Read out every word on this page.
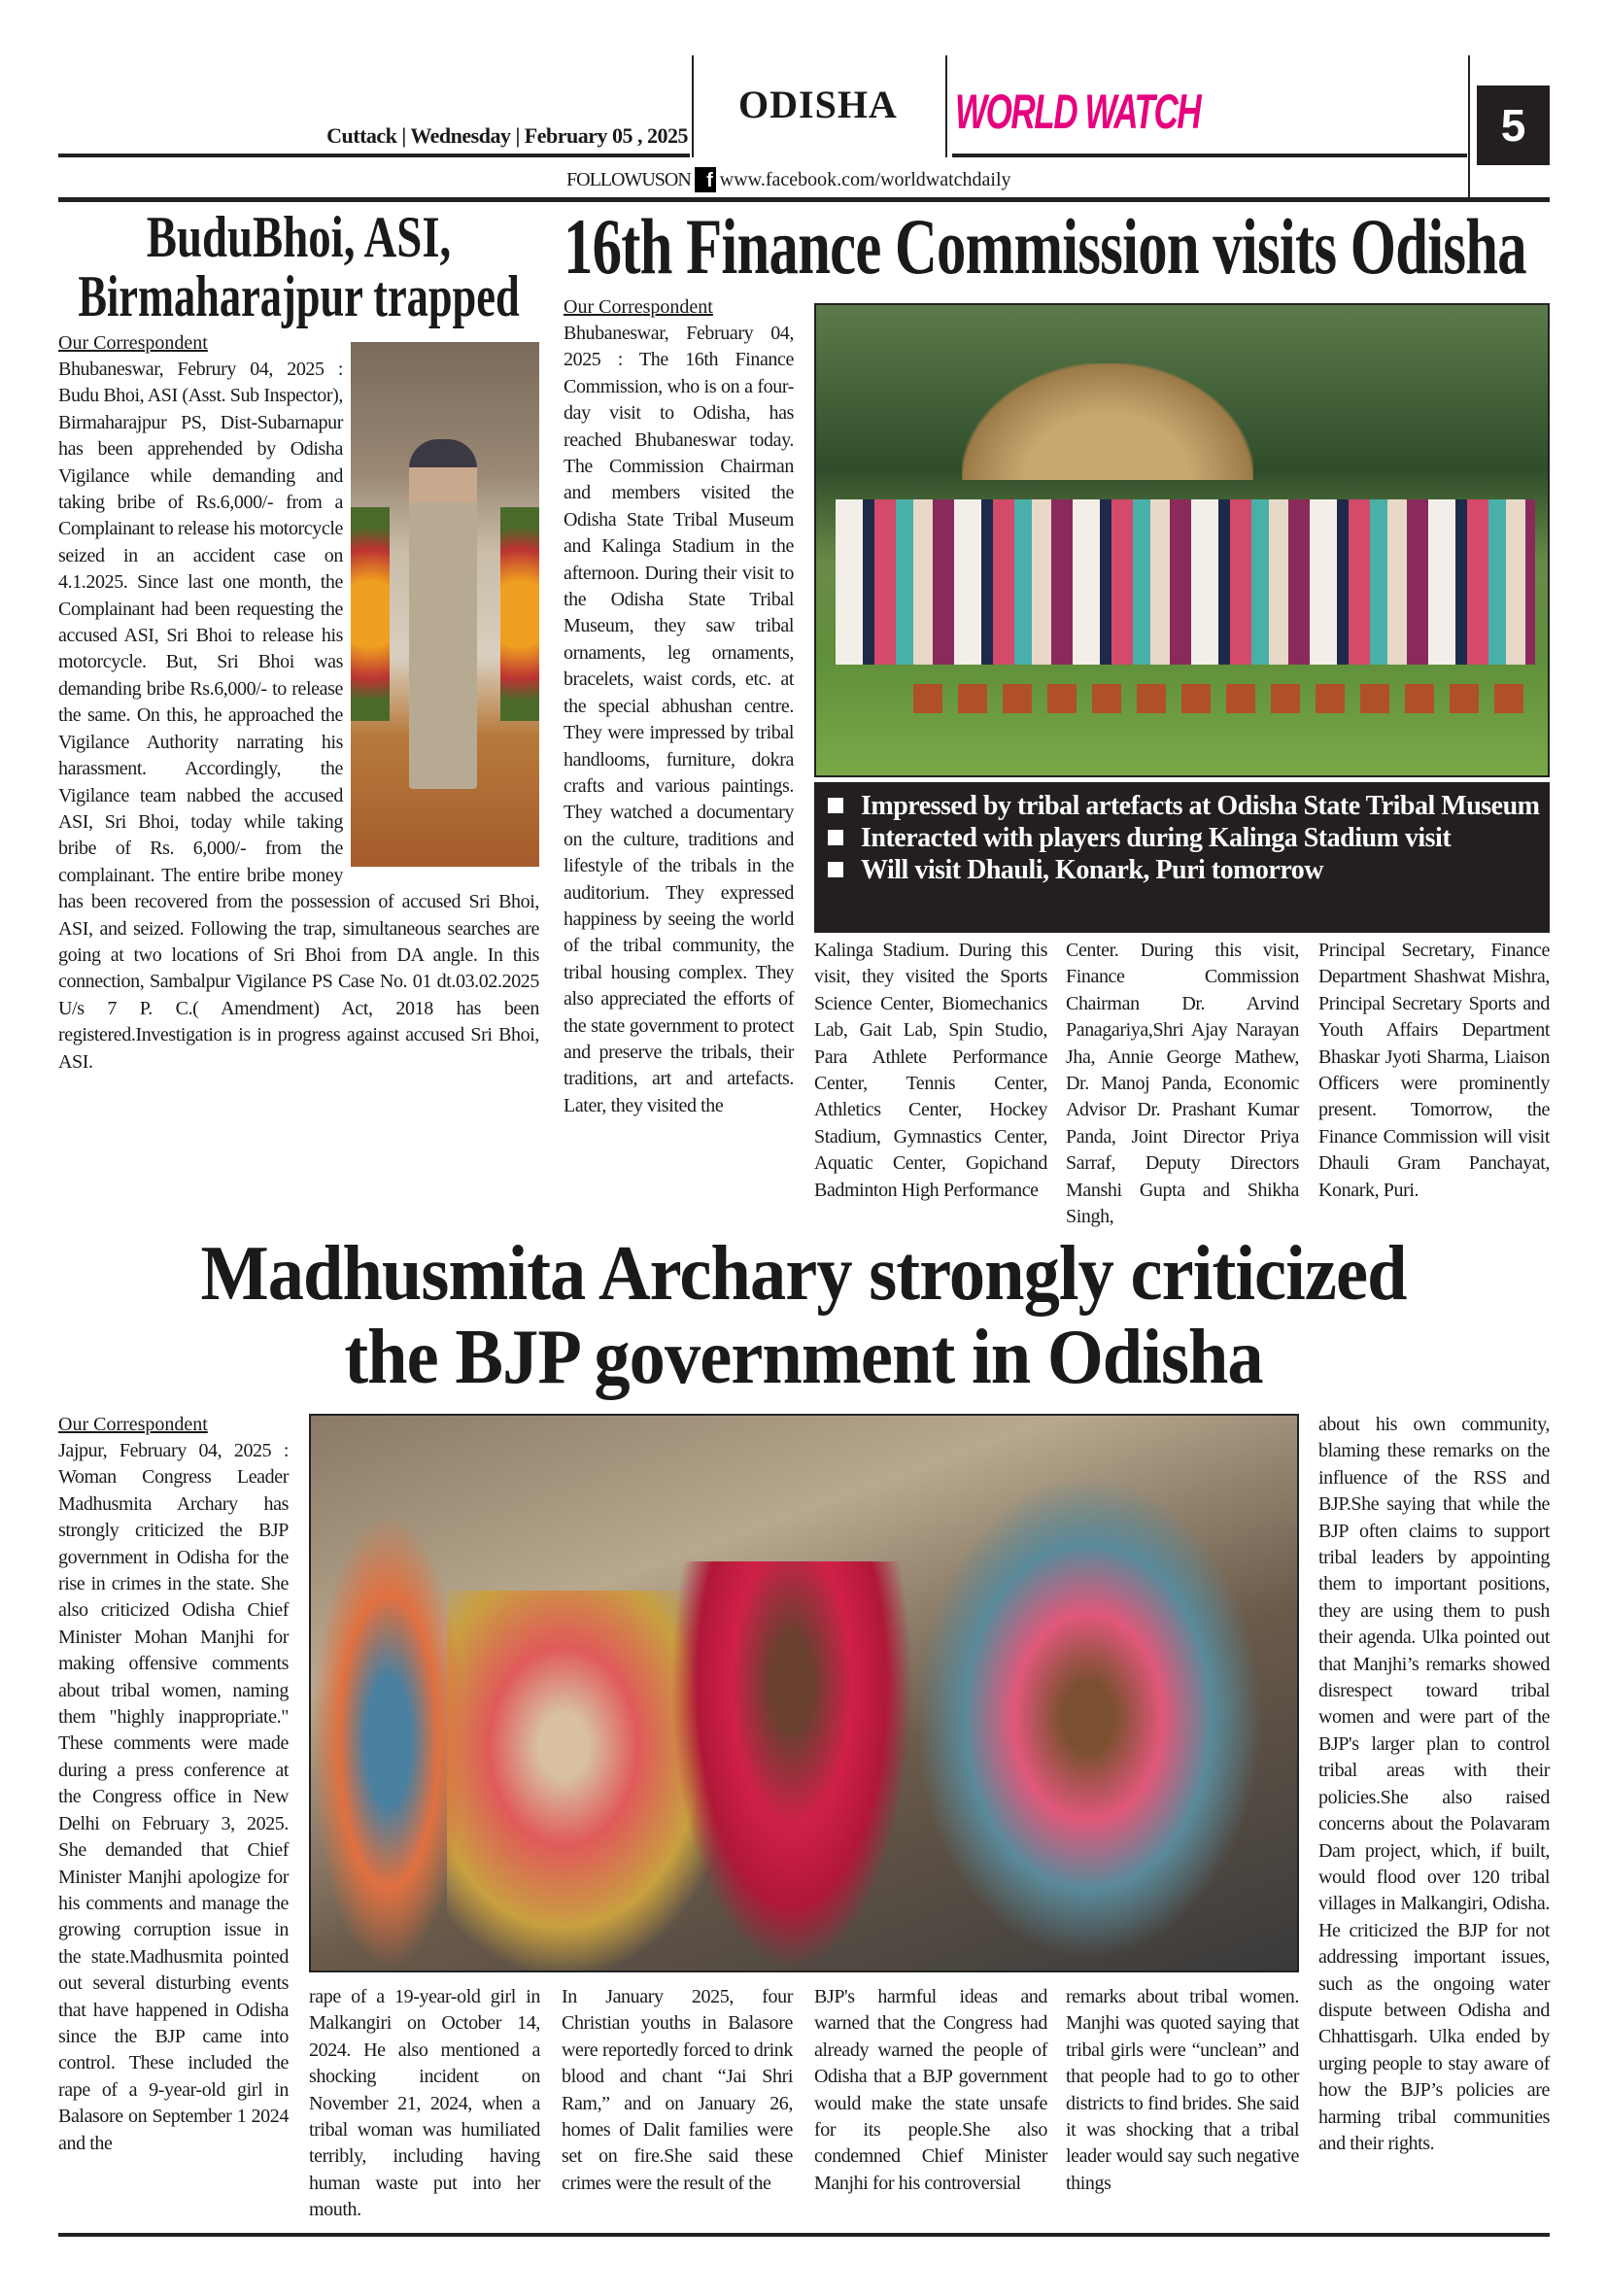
Cuttack | Wednesday | February 05 , 2025
ODISHA WORLD WATCH	5
FOLLOWUSON f www.facebook.com/worldwatchdaily
BuduBhoi, ASI,
Birmaharajpur trapped
Our Correspondent
Bhubaneswar, Februry 04, 2025 : Budu Bhoi, ASI (Asst. Sub Inspector), Birmaharajpur PS, Dist-Subarnapur has been apprehended by Odisha Vigilance while demanding and taking bribe of Rs.6,000/- from a Complainant to release his motorcycle seized in an accident case on 4.1.2025. Since last one month, the Complainant had been requesting the accused ASI, Sri Bhoi to release his motorcycle. But, Sri Bhoi was demanding bribe Rs.6,000/- to release the same. On this, he approached the Vigilance Authority narrating his harassment. Accordingly, the Vigilance team nabbed the accused ASI, Sri Bhoi, today while taking bribe of Rs. 6,000/- from the complainant. The entire bribe money has been recovered from the possession of accused Sri Bhoi, ASI, and seized. Following the trap, simultaneous searches are going at two locations of Sri Bhoi from DA angle. In this connection, Sambalpur Vigilance PS Case No. 01 dt.03.02.2025 U/s 7 P. C.( Amendment) Act, 2018 has been registered.Investigation is in progress against accused Sri Bhoi, ASI.
16th Finance Commission visits Odisha
Our Correspondent
Bhubaneswar, February 04, 2025 : The 16th Finance Commission, who is on a four-day visit to Odisha, has reached Bhubaneswar today. The Commission Chairman and members visited the Odisha State Tribal Museum and Kalinga Stadium in the afternoon. During their visit to the Odisha State Tribal Museum, they saw tribal ornaments, leg ornaments, bracelets, waist cords, etc. at the special abhushan centre. They were impressed by tribal handlooms, furniture, dokra crafts and various paintings. They watched a documentary on the culture, traditions and lifestyle of the tribals in the auditorium. They expressed happiness by seeing the world of the tribal community, the tribal housing complex. They also appreciated the efforts of the state government to protect and preserve the tribals, their traditions, art and artefacts. Later, they visited the
Impressed by tribal artefacts at Odisha State Tribal Museum
Interacted with players during Kalinga Stadium visit
Will visit Dhauli, Konark, Puri tomorrow
Kalinga Stadium. During this visit, they visited the Sports Science Center, Biomechanics Lab, Gait Lab, Spin Studio, Para Athlete Performance Center, Tennis Center, Athletics Center, Hockey Stadium, Gymnastics Center, Aquatic Center, Gopichand Badminton High Performance
Center. During this visit, Finance Commission Chairman Dr. Arvind Panagariya,Shri Ajay Narayan Jha, Annie George Mathew, Dr. Manoj Panda, Economic Advisor Dr. Prashant Kumar Panda, Joint Director Priya Sarraf, Deputy Directors Manshi Gupta and Shikha Singh,
Principal Secretary, Finance Department Shashwat Mishra, Principal Secretary Sports and Youth Affairs Department Bhaskar Jyoti Sharma, Liaison Officers were prominently present. Tomorrow, the Finance Commission will visit Dhauli Gram Panchayat, Konark, Puri.
Madhusmita Archary strongly criticized
the BJP government in Odisha
Our Correspondent
Jajpur, February 04, 2025 : Woman Congress Leader Madhusmita Archary has strongly criticized the BJP government in Odisha for the rise in crimes in the state. She also criticized Odisha Chief Minister Mohan Manjhi for making offensive comments about tribal women, naming them "highly inappropriate." These comments were made during a press conference at the Congress office in New Delhi on February 3, 2025. She demanded that Chief Minister Manjhi apologize for his comments and manage the growing corruption issue in the state.Madhusmita pointed out several disturbing events that have happened in Odisha since the BJP came into control. These included the rape of a 9-year-old girl in Balasore on September 1 2024 and the
rape of a 19-year-old girl in Malkangiri on October 14, 2024. He also mentioned a shocking incident on November 21, 2024, when a tribal woman was humiliated terribly, including having human waste put into her mouth.
In January 2025, four Christian youths in Balasore were reportedly forced to drink blood and chant “Jai Shri Ram,” and on January 26, homes of Dalit families were set on fire.She said these crimes were the result of the
BJP's harmful ideas and warned that the Congress had already warned the people of Odisha that a BJP government would make the state unsafe for its people.She also condemned Chief Minister Manjhi for his controversial
remarks about tribal women. Manjhi was quoted saying that tribal girls were “unclean” and that people had to go to other districts to find brides. She said it was shocking that a tribal leader would say such negative things
about his own community, blaming these remarks on the influence of the RSS and BJP.She saying that while the BJP often claims to support tribal leaders by appointing them to important positions, they are using them to push their agenda. Ulka pointed out that Manjhi’s remarks showed disrespect toward tribal women and were part of the BJP's larger plan to control tribal areas with their policies.She also raised concerns about the Polavaram Dam project, which, if built, would flood over 120 tribal villages in Malkangiri, Odisha. He criticized the BJP for not addressing important issues, such as the ongoing water dispute between Odisha and Chhattisgarh. Ulka ended by urging people to stay aware of how the BJP’s policies are harming tribal communities and their rights.
